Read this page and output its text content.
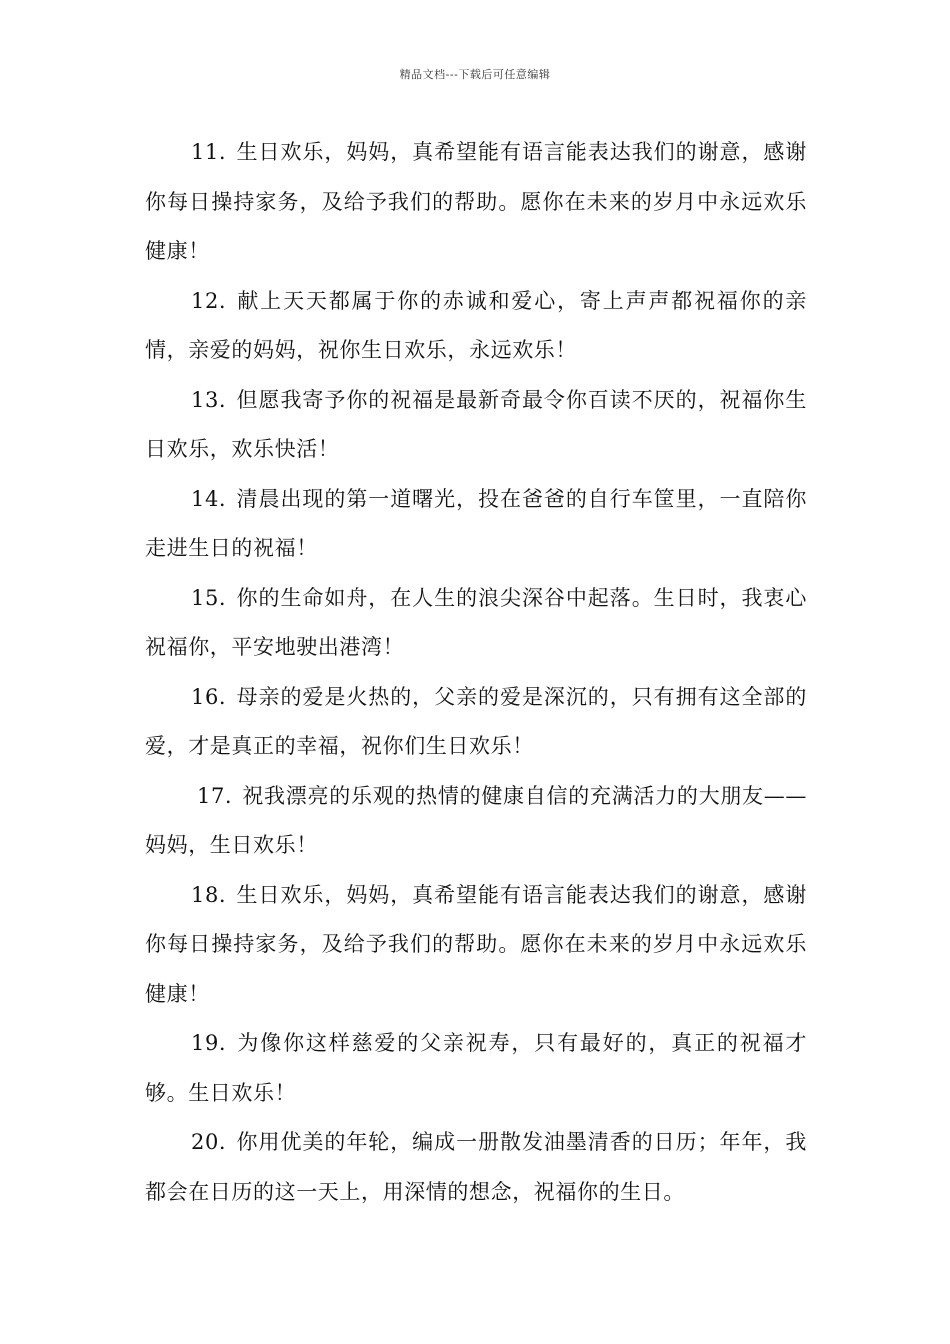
精品文档---下载后可任意编辑

11. 生日欢乐，妈妈，真希望能有语言能表达我们的谢意，感谢你每日操持家务，及给予我们的帮助。愿你在未来的岁月中永远欢乐健康！

12. 献上天天都属于你的赤诚和爱心，寄上声声都祝福你的亲情，亲爱的妈妈，祝你生日欢乐，永远欢乐！

13. 但愿我寄予你的祝福是最新奇最令你百读不厌的，祝福你生日欢乐，欢乐快活！

14. 清晨出现的第一道曙光，投在爸爸的自行车筐里，一直陪你走进生日的祝福！

15. 你的生命如舟，在人生的浪尖深谷中起落。生日时，我衷心祝福你，平安地驶出港湾！

16. 母亲的爱是火热的，父亲的爱是深沉的，只有拥有这全部的爱，才是真正的幸福，祝你们生日欢乐！

17. 祝我漂亮的乐观的热情的健康自信的充满活力的大朋友——妈妈，生日欢乐！

18. 生日欢乐，妈妈，真希望能有语言能表达我们的谢意，感谢你每日操持家务，及给予我们的帮助。愿你在未来的岁月中永远欢乐健康！

19. 为像你这样慈爱的父亲祝寿，只有最好的，真正的祝福才够。生日欢乐！

20. 你用优美的年轮，编成一册散发油墨清香的日历；年年，我都会在日历的这一天上，用深情的想念，祝福你的生日。
